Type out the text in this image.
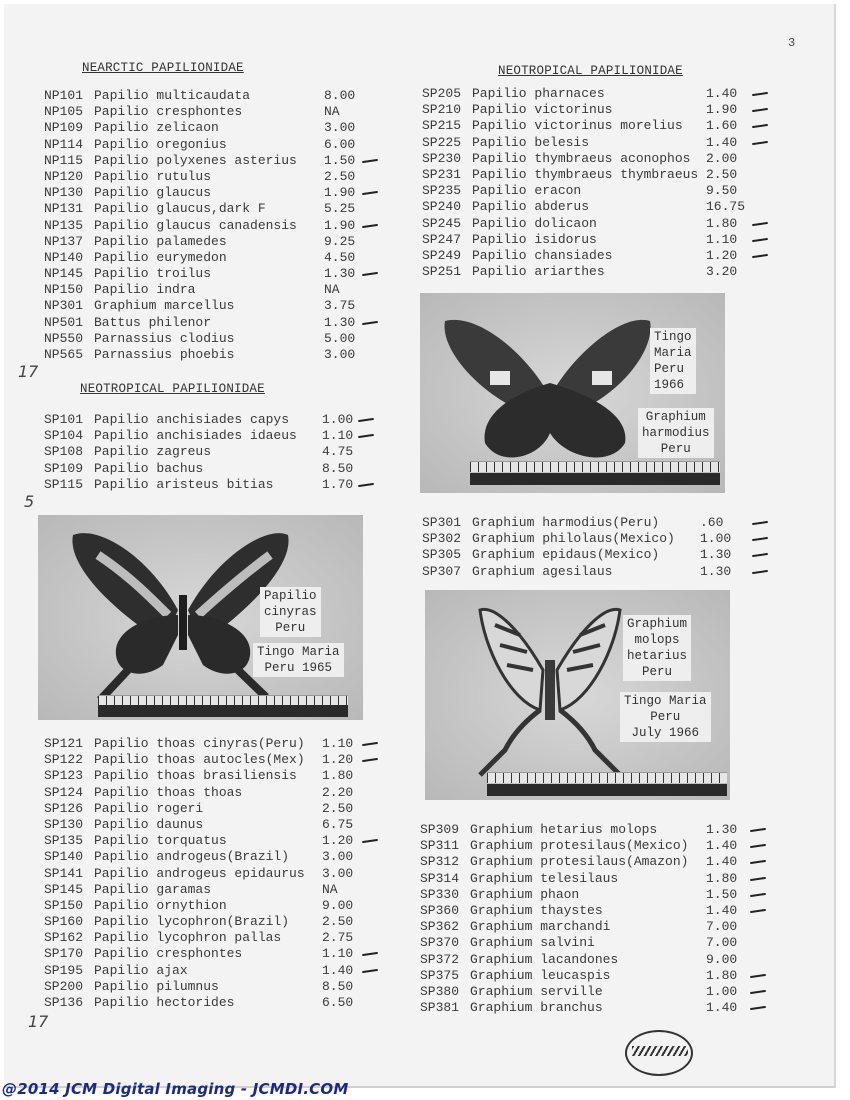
3
NEARCTIC PAPILIONIDAE
NP101 Papilio multicaudata	8.00
NP105 Papilio cresphontes	NA
NP109 Papilio zelicaon	3.00
NP114 Papilio oregonius	6.00
NP115 Papilio polyxenes asterius 1.50
NP120 Papilio rutulus	2.50
NP130 Papilio glaucus	1.90
NP131 Papilio glaucus,dark F	5.25
NP135 Papilio glaucus canadensis 1.90
NP137 Papilio palamedes	9.25
NP140 Papilio eurymedon	4.50
NP145 Papilio troilus	1.30
NP150 Papilio indra	NA
NP301 Graphium marcellus	3.75
NP501 Battus philenor	1.30
NP550 Parnassius clodius	5.00
NP565 Parnassius phoebis	3.00
17
NEOTROPICAL PAPILIONIDAE
SP101 Papilio anchisiades capys	1.00
SP104 Papilio anchisiades idaeus 1.10
SP108 Papilio zagreus	4.75
SP109 Papilio bachus	8.50
SP115 Papilio aristeus bitias	1.70
5
Papilio
cinyras
Peru
Tingo Maria
Peru 1965
SP121 Papilio thoas cinyras(Peru) 1.10
SP122 Papilio thoas autocles(Mex) 1.20
SP123 Papilio thoas brasiliensis 1.80
SP124 Papilio thoas thoas	2.20
SP126 Papilio rogeri	2.50
SP130 Papilio daunus	6.75
SP135 Papilio torquatus	1.20
SP140 Papilio androgeus(Brazil)	3.00
SP141 Papilio androgeus epidaurus 3.00
SP145 Papilio garamas	NA
SP150 Papilio ornythion	9.00
SP160 Papilio lycophron(Brazil)	2.50
SP162 Papilio lycophron pallas	2.75
SP170 Papilio cresphontes	1.10
SP195 Papilio ajax	1.40
SP200 Papilio pilumnus	8.50
SP136 Papilio hectorides	6.50
17
NEOTROPICAL PAPILIONIDAE
SP205 Papilio pharnaces	1.40
SP210 Papilio victorinus	1.90
SP215 Papilio victorinus morelius 1.60
SP225 Papilio belesis	1.40
SP230 Papilio thymbraeus aconophos 2.00
SP231 Papilio thymbraeus thymbraeus 2.50
SP235 Papilio eracon	9.50
SP240 Papilio abderus	16.75
SP245 Papilio dolicaon	1.80
SP247 Papilio isidorus	1.10
SP249 Papilio chansiades	1.20
SP251 Papilio ariarthes	3.20
Tingo
Maria
Peru
1966
Graphium
harmodius
Peru
SP301 Graphium harmodius(Peru)	.60
SP302 Graphium philolaus(Mexico) 1.00
SP305 Graphium epidaus(Mexico)	1.30
SP307 Graphium agesilaus	1.30
Graphium
molops
hetarius
Peru
Tingo Maria
Peru
July 1966
SP309 Graphium hetarius molops	1.30
SP311 Graphium protesilaus(Mexico) 1.40
SP312 Graphium protesilaus(Amazon) 1.40
SP314 Graphium telesilaus	1.80
SP330 Graphium phaon	1.50
SP360 Graphium thaystes	1.40
SP362 Graphium marchandi	7.00
SP370 Graphium salvini	7.00
SP372 Graphium lacandones	9.00
SP375 Graphium leucaspis	1.80
SP380 Graphium serville	1.00
SP381 Graphium branchus	1.40
@2014 JCM Digital Imaging - JCMDI.COM
